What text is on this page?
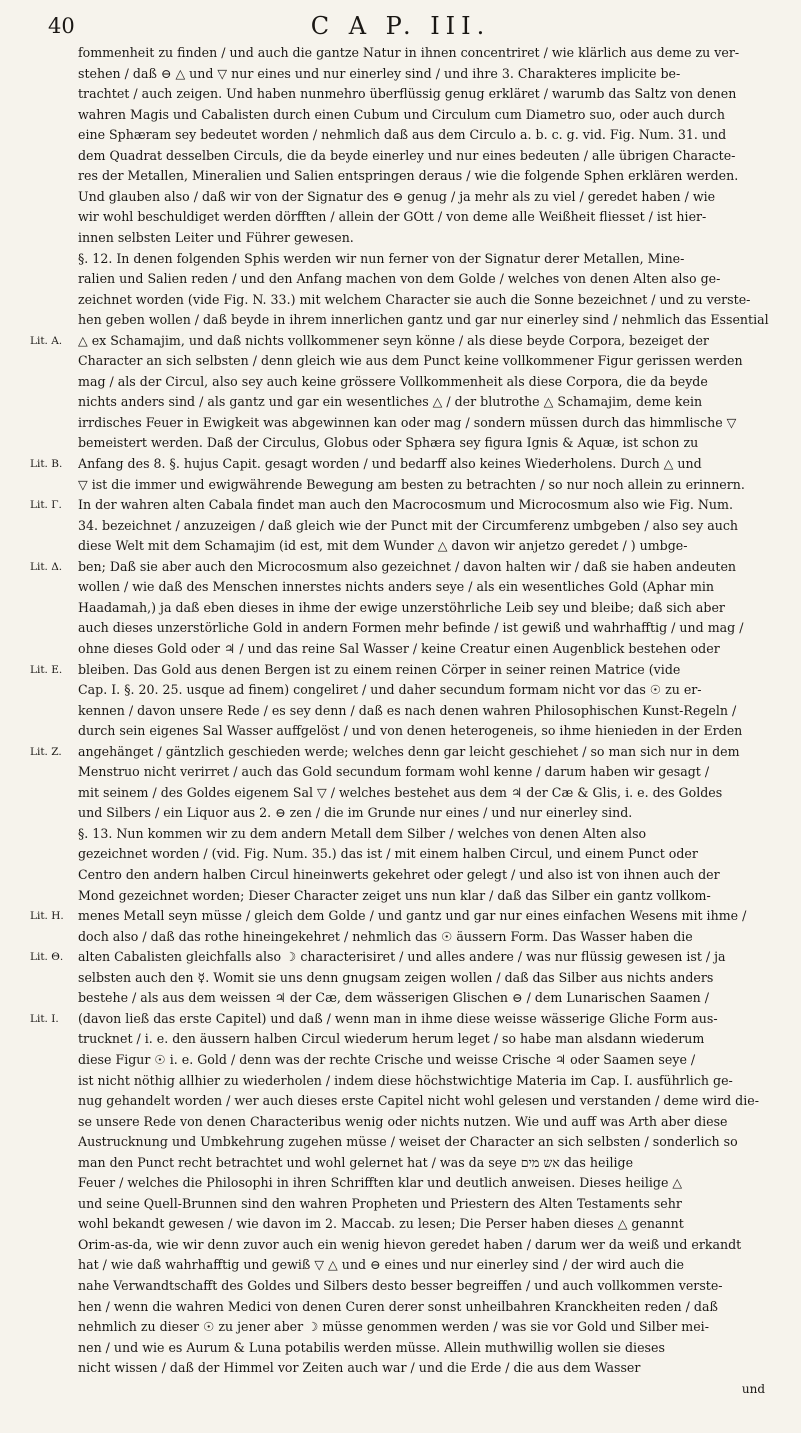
40	C A P. III.
fommenheit zu finden / und auch die gantze Natur in ihnen concentriret / wie klärlich aus deme zu ver-
stehen / daß ⊖ △ und ▽ nur eines und nur einerley sind / und ihre 3. Charakteres implicite be-
trachtet / auch zeigen. Und haben nunmehro überflüssig genug erkläret / warumb das Saltz von denen
wahren Magis und Cabalisten durch einen Cubum und Circulum cum Diametro suo, oder auch durch
eine Sphæram sey bedeutet worden / nehmlich daß aus dem Circulo a. b. c. g. vid. Fig. Num. 31. und
dem Quadrat desselben Circuls, die da beyde einerley und nur eines bedeuten / alle übrigen Characte-
res der Metallen, Mineralien und Salien entspringen deraus / wie die folgende Sphen erklären werden.
Und glauben also / daß wir von der Signatur des ⊖ genug / ja mehr als zu viel / geredet haben / wie
wir wohl beschuldiget werden dörfften / allein der GOtt / von deme alle Weißheit fliesset / ist hier-
innen selbsten Leiter und Führer gewesen.
§. 12. In denen folgenden Sphis werden wir nun ferner von der Signatur derer Metallen, Mine-
ralien und Salien reden / und den Anfang machen von dem Golde / welches von denen Alten also ge-
zeichnet worden (vide Fig. N. 33.) mit welchem Character sie auch die Sonne bezeichnet / und zu verste-
hen geben wollen / daß beyde in ihrem innerlichen gantz und gar nur einerley sind / nehmlich das Essential
Lit. A.	△ ex Schamajim, und daß nichts vollkommener seyn könne / als diese beyde Corpora, bezeiget der
Character an sich selbsten / denn gleich wie aus dem Punct keine vollkommener Figur gerissen werden
mag / als der Circul, also sey auch keine grössere Vollkommenheit als diese Corpora, die da beyde
nichts anders sind / als gantz und gar ein wesentliches △ / der blutrothe △ Schamajim, deme kein
irrdisches Feuer in Ewigkeit was abgewinnen kan oder mag / sondern müssen durch das himmlische ▽
bemeistert werden. Daß der Circulus, Globus oder Sphæra sey figura Ignis & Aquæ, ist schon zu
Lit. B.	Anfang des 8. §. hujus Capit. gesagt worden / und bedarff also keines Wiederholens. Durch △ und
▽ ist die immer und ewigwährende Bewegung am besten zu betrachten / so nur noch allein zu erinnern.
Lit. Γ.	In der wahren alten Cabala findet man auch den Macrocosmum und Microcosmum also wie Fig. Num.
34. bezeichnet / anzuzeigen / daß gleich wie der Punct mit der Circumferenz umbgeben / also sey auch
diese Welt mit dem Schamajim (id est, mit dem Wunder △ davon wir anjetzo geredet / ) umbge-
Lit. Δ.	ben; Daß sie aber auch den Microcosmum also gezeichnet / davon halten wir / daß sie haben andeuten
wollen / wie daß des Menschen innerstes nichts anders seye / als ein wesentliches Gold (Aphar min
Haadamah,) ja daß eben dieses in ihme der ewige unzerstöhrliche Leib sey und bleibe; daß sich aber
auch dieses unzerstörliche Gold in andern Formen mehr befinde / ist gewiß und wahrhafftig / und mag /
ohne dieses Gold oder ♃ / und das reine Sal Wasser / keine Creatur einen Augenblick bestehen oder
Lit. E.	bleiben. Das Gold aus denen Bergen ist zu einem reinen Cörper in seiner reinen Matrice (vide
Cap. I. §. 20. 25. usque ad finem) congeliret / und daher secundum formam nicht vor das ☉ zu er-
kennen / davon unsere Rede / es sey denn / daß es nach denen wahren Philosophischen Kunst-Regeln /
durch sein eigenes Sal Wasser auffgelöst / und von denen heterogeneis, so ihme hienieden in der Erden
Lit. Z.	angehänget / gäntzlich geschieden werde; welches denn gar leicht geschiehet / so man sich nur in dem
Menstruo nicht verirret / auch das Gold secundum formam wohl kenne / darum haben wir gesagt /
mit seinem / des Goldes eigenem Sal ▽ / welches bestehet aus dem ♃ der Cæ & Glis, i. e. des Goldes
und Silbers / ein Liquor aus 2. ⊖ zen / die im Grunde nur eines / und nur einerley sind.
§. 13. Nun kommen wir zu dem andern Metall dem Silber / welches von denen Alten also
gezeichnet worden / (vid. Fig. Num. 35.) das ist / mit einem halben Circul, und einem Punct oder
Centro den andern halben Circul hineinwerts gekehret oder gelegt / und also ist von ihnen auch der
Mond gezeichnet worden; Dieser Character zeiget uns nun klar / daß das Silber ein gantz vollkom-
Lit. H.	menes Metall seyn müsse / gleich dem Golde / und gantz und gar nur eines einfachen Wesens mit ihme /
doch also / daß das rothe hineingekehret / nehmlich das ☉ äussern Form. Das Wasser haben die
Lit. Θ.	alten Cabalisten gleichfalls also ☽ characterisiret / und alles andere / was nur flüssig gewesen ist / ja
selbsten auch den ☿. Womit sie uns denn gnugsam zeigen wollen / daß das Silber aus nichts anders
bestehe / als aus dem weissen ♃ der Cæ, dem wässerigen Glischen ⊖ / dem Lunarischen Saamen /
Lit. I.	(davon ließ das erste Capitel) und daß / wenn man in ihme diese weisse wässerige Gliche Form aus-
trucknet / i. e. den äussern halben Circul wiederum herum leget / so habe man alsdann wiederum
diese Figur ☉ i. e. Gold / denn was der rechte Crische und weisse Crische ♃ oder Saamen seye /
ist nicht nöthig allhier zu wiederholen / indem diese höchstwichtige Materia im Cap. I. ausführlich ge-
nug gehandelt worden / wer auch dieses erste Capitel nicht wohl gelesen und verstanden / deme wird die-
se unsere Rede von denen Characteribus wenig oder nichts nutzen. Wie und auff was Arth aber diese
Austrucknung und Umbkehrung zugehen müsse / weiset der Character an sich selbsten / sonderlich so
man den Punct recht betrachtet und wohl gelernet hat / was da seye אש מים das heilige
Feuer / welches die Philosophi in ihren Schrifften klar und deutlich anweisen. Dieses heilige △
und seine Quell-Brunnen sind den wahren Propheten und Priestern des Alten Testaments sehr
wohl bekandt gewesen / wie davon im 2. Maccab. zu lesen; Die Perser haben dieses △ genannt
Orim-as-da, wie wir denn zuvor auch ein wenig hievon geredet haben / darum wer da weiß und erkandt
hat / wie daß wahrhafftig und gewiß ▽ △ und ⊖ eines und nur einerley sind / der wird auch die
nahe Verwandtschafft des Goldes und Silbers desto besser begreiffen / und auch vollkommen verste-
hen / wenn die wahren Medici von denen Curen derer sonst unheilbahren Kranckheiten reden / daß
nehmlich zu dieser ☉ zu jener aber ☽ müsse genommen werden / was sie vor Gold und Silber mei-
nen / und wie es Aurum & Luna potabilis werden müsse. Allein muthwillig wollen sie dieses
nicht wissen / daß der Himmel vor Zeiten auch war / und die Erde / die aus dem Wasser
und
